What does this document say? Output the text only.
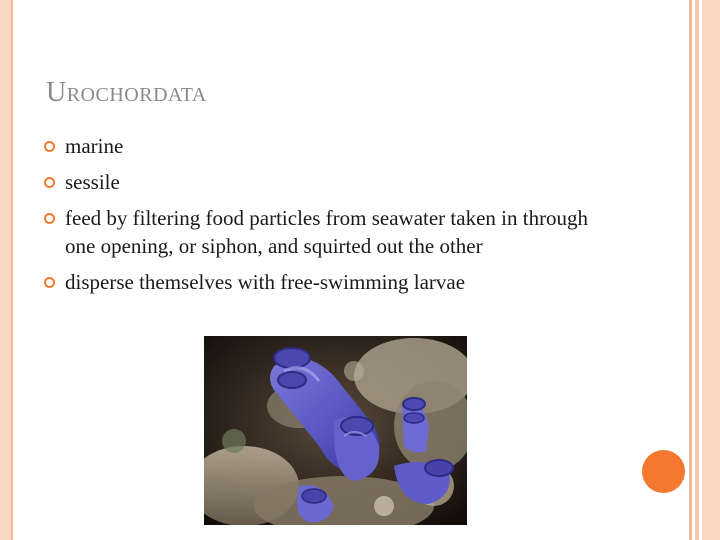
Urochordata
marine
sessile
feed by filtering food particles from seawater taken in through one opening, or siphon, and squirted out the other
disperse themselves with free-swimming larvae
